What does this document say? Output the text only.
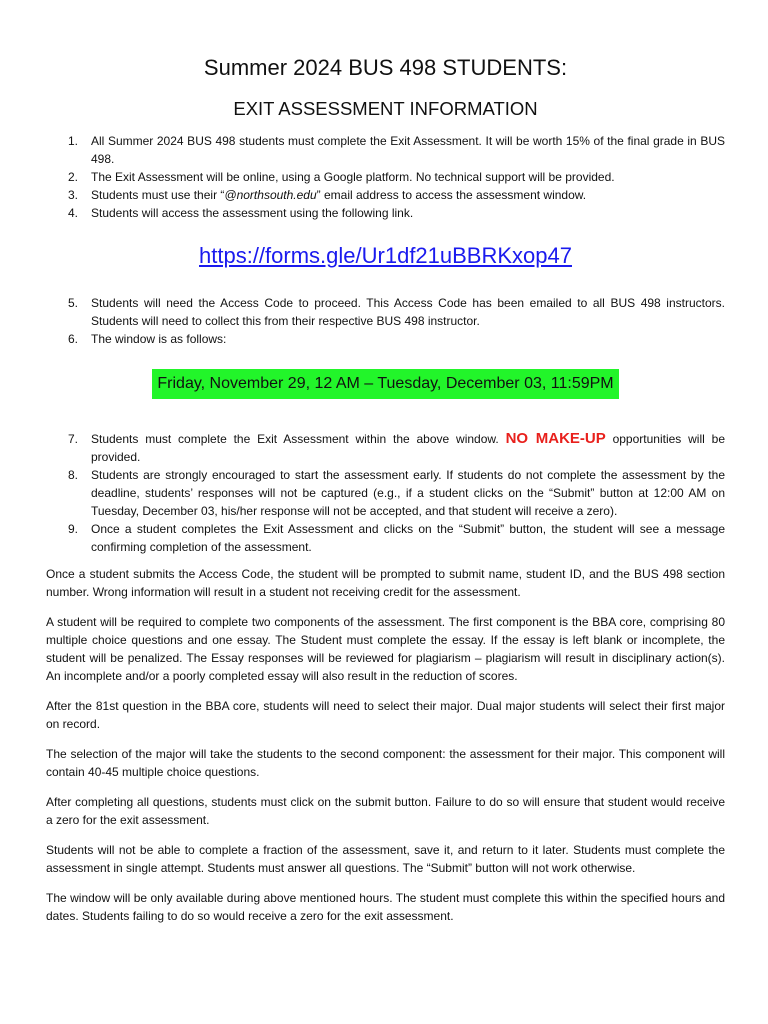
Summer 2024 BUS 498 STUDENTS:
EXIT ASSESSMENT INFORMATION
1. All Summer 2024 BUS 498 students must complete the Exit Assessment. It will be worth 15% of the final grade in BUS 498.
2. The Exit Assessment will be online, using a Google platform. No technical support will be provided.
3. Students must use their “@northsouth.edu” email address to access the assessment window.
4. Students will access the assessment using the following link.
https://forms.gle/Ur1df21uBBRKxop47
5. Students will need the Access Code to proceed. This Access Code has been emailed to all BUS 498 instructors. Students will need to collect this from their respective BUS 498 instructor.
6. The window is as follows:
Friday, November 29, 12 AM – Tuesday, December 03, 11:59PM
7. Students must complete the Exit Assessment within the above window. NO MAKE-UP opportunities will be provided.
8. Students are strongly encouraged to start the assessment early. If students do not complete the assessment by the deadline, students’ responses will not be captured (e.g., if a student clicks on the “Submit” button at 12:00 AM on Tuesday, December 03, his/her response will not be accepted, and that student will receive a zero).
9. Once a student completes the Exit Assessment and clicks on the “Submit” button, the student will see a message confirming completion of the assessment.

Once a student submits the Access Code, the student will be prompted to submit name, student ID, and the BUS 498 section number. Wrong information will result in a student not receiving credit for the assessment.

A student will be required to complete two components of the assessment. The first component is the BBA core, comprising 80 multiple choice questions and one essay. The Student must complete the essay. If the essay is left blank or incomplete, the student will be penalized. The Essay responses will be reviewed for plagiarism – plagiarism will result in disciplinary action(s). An incomplete and/or a poorly completed essay will also result in the reduction of scores.

After the 81st question in the BBA core, students will need to select their major. Dual major students will select their first major on record.

The selection of the major will take the students to the second component: the assessment for their major. This component will contain 40-45 multiple choice questions.

After completing all questions, students must click on the submit button. Failure to do so will ensure that student would receive a zero for the exit assessment.

Students will not be able to complete a fraction of the assessment, save it, and return to it later. Students must complete the assessment in single attempt. Students must answer all questions. The “Submit” button will not work otherwise.

The window will be only available during above mentioned hours. The student must complete this within the specified hours and dates. Students failing to do so would receive a zero for the exit assessment.
